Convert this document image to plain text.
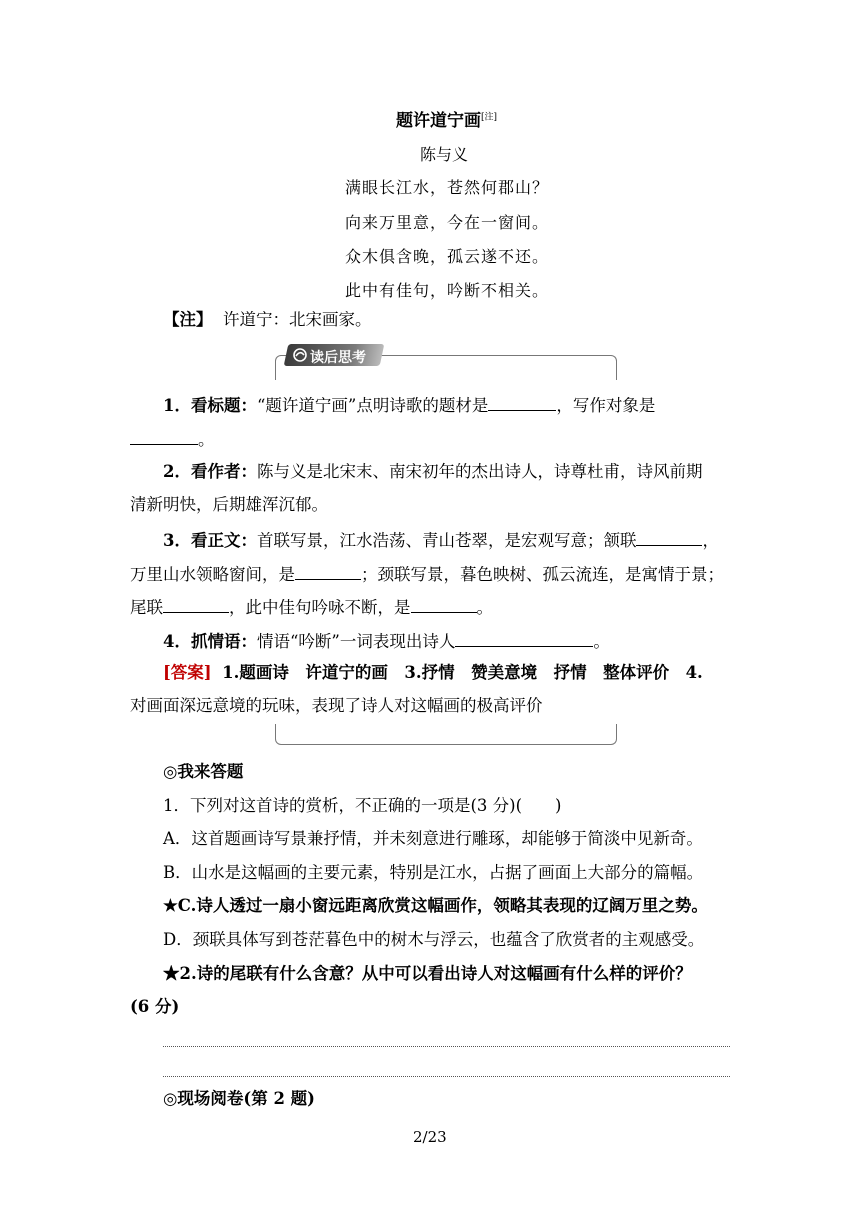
题许道宁画[注]
陈与义
满眼长江水，苍然何郡山？
向来万里意，今在一窗间。
众木俱含晚，孤云遂不还。
此中有佳句，吟断不相关。
【注】 许道宁：北宋画家。
读后思考
1．看标题：“题许道宁画”点明诗歌的题材是	，写作对象是
。
2．看作者：陈与义是北宋末、南宋初年的杰出诗人，诗尊杜甫，诗风前期
清新明快，后期雄浑沉郁。
3．看正文：首联写景，江水浩荡、青山苍翠，是宏观写意；颔联	，
万里山水领略窗间，是	；颈联写景，暮色映树、孤云流连，是寓情于景；
尾联	，此中佳句吟咏不断，是	。
4．抓情语：情语“吟断”一词表现出诗人	。
[答案] 1.题画诗　许道宁的画　3.抒情　赞美意境　抒情　整体评价　4.
对画面深远意境的玩味，表现了诗人对这幅画的极高评价
◎我来答题
1．下列对这首诗的赏析，不正确的一项是(3 分)(　　)
A．这首题画诗写景兼抒情，并未刻意进行雕琢，却能够于简淡中见新奇。
B．山水是这幅画的主要元素，特别是江水，占据了画面上大部分的篇幅。
★C.诗人透过一扇小窗远距离欣赏这幅画作，领略其表现的辽阔万里之势。
D．颈联具体写到苍茫暮色中的树木与浮云，也蕴含了欣赏者的主观感受。
★2.诗的尾联有什么含意？从中可以看出诗人对这幅画有什么样的评价？
(6 分)
◎现场阅卷(第 2 题)
2/23
